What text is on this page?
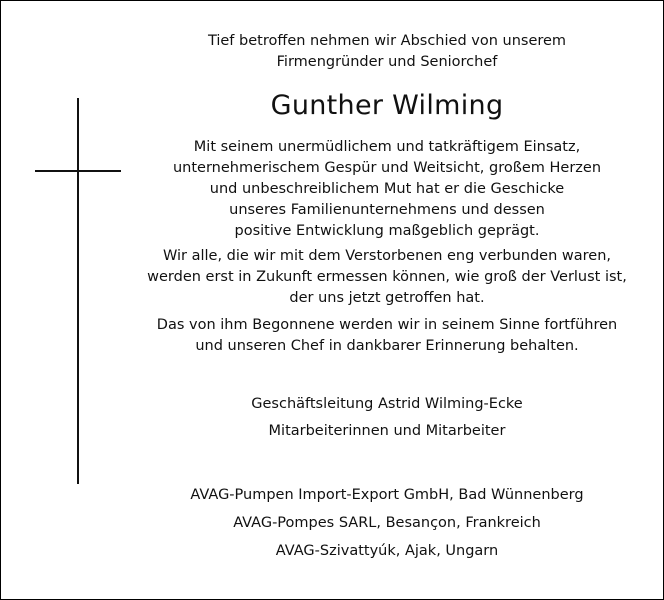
Tief betroffen nehmen wir Abschied von unserem
Firmengründer und Seniorchef
Gunther Wilming
Mit seinem unermüdlichem und tatkräftigem Einsatz,
unternehmerischem Gespür und Weitsicht, großem Herzen
und unbeschreiblichem Mut hat er die Geschicke
unseres Familienunternehmens und dessen
positive Entwicklung maßgeblich geprägt.
Wir alle, die wir mit dem Verstorbenen eng verbunden waren,
werden erst in Zukunft ermessen können, wie groß der Verlust ist,
der uns jetzt getroffen hat.
Das von ihm Begonnene werden wir in seinem Sinne fortführen
und unseren Chef in dankbarer Erinnerung behalten.
Geschäftsleitung Astrid Wilming-Ecke
Mitarbeiterinnen und Mitarbeiter
AVAG-Pumpen Import-Export GmbH, Bad Wünnenberg
AVAG-Pompes SARL, Besançon, Frankreich
AVAG-Szivattyúk, Ajak, Ungarn
